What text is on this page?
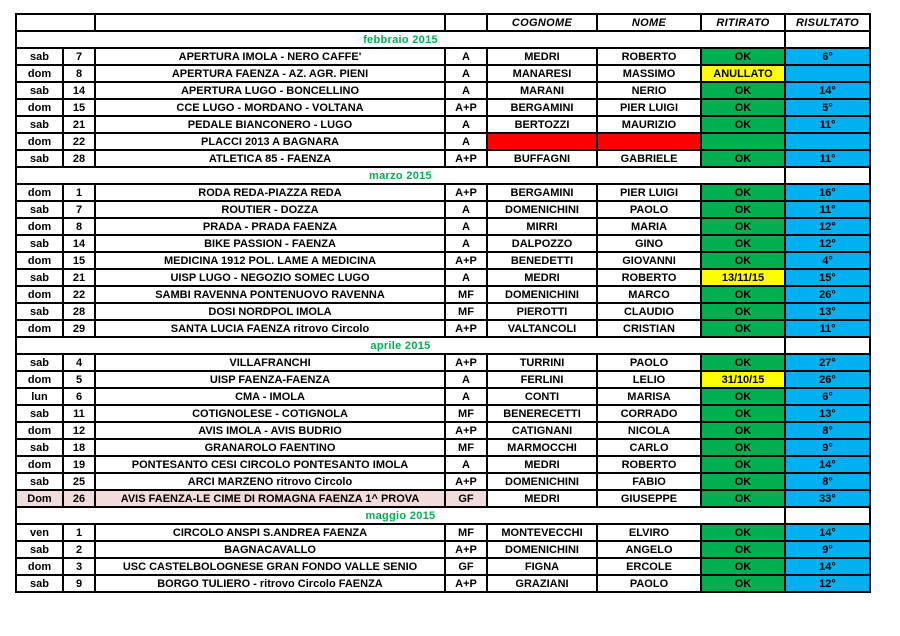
				COGNOME	NOME	RITIRATO	RISULTATO
febbraio 2015							
sab	7	APERTURA IMOLA - NERO CAFFE'	A	MEDRI	ROBERTO	OK	6°
dom	8	APERTURA FAENZA - AZ. AGR. PIENI	A	MANARESI	MASSIMO	ANULLATO	
sab	14	APERTURA LUGO - BONCELLINO	A	MARANI	NERIO	OK	14°
dom	15	CCE LUGO - MORDANO - VOLTANA	A+P	BERGAMINI	PIER LUIGI	OK	5°
sab	21	PEDALE BIANCONERO - LUGO	A	BERTOZZI	MAURIZIO	OK	11°
dom	22	PLACCI 2013 A BAGNARA	A				
sab	28	ATLETICA 85 - FAENZA	A+P	BUFFAGNI	GABRIELE	OK	11°
marzo 2015							
dom	1	RODA REDA-PIAZZA REDA	A+P	BERGAMINI	PIER LUIGI	OK	16°
sab	7	ROUTIER - DOZZA	A	DOMENICHINI	PAOLO	OK	11°
dom	8	PRADA - PRADA FAENZA	A	MIRRI	MARIA	OK	12°
sab	14	BIKE PASSION - FAENZA	A	DALPOZZO	GINO	OK	12°
dom	15	MEDICINA 1912 POL. LAME A MEDICINA	A+P	BENEDETTI	GIOVANNI	OK	4°
sab	21	UISP LUGO - NEGOZIO SOMEC LUGO	A	MEDRI	ROBERTO	13/11/15	15°
dom	22	SAMBI RAVENNA PONTENUOVO RAVENNA	MF	DOMENICHINI	MARCO	OK	26°
sab	28	DOSI NORDPOL IMOLA	MF	PIEROTTI	CLAUDIO	OK	13°
dom	29	SANTA LUCIA FAENZA ritrovo Circolo	A+P	VALTANCOLI	CRISTIAN	OK	11°
aprile 2015							
sab	4	VILLAFRANCHI	A+P	TURRINI	PAOLO	OK	27°
dom	5	UISP FAENZA-FAENZA	A	FERLINI	LELIO	31/10/15	26°
lun	6	CMA - IMOLA	A	CONTI	MARISA	OK	6°
sab	11	COTIGNOLESE - COTIGNOLA	MF	BENERECETTI	CORRADO	OK	13°
dom	12	AVIS IMOLA - AVIS BUDRIO	A+P	CATIGNANI	NICOLA	OK	8°
sab	18	GRANAROLO FAENTINO	MF	MARMOCCHI	CARLO	OK	9°
dom	19	PONTESANTO CESI CIRCOLO PONTESANTO IMOLA	A	MEDRI	ROBERTO	OK	14°
sab	25	ARCI MARZENO ritrovo Circolo	A+P	DOMENICHINI	FABIO	OK	8°
Dom	26	AVIS FAENZA-LE CIME DI ROMAGNA FAENZA 1^ PROVA	GF	MEDRI	GIUSEPPE	OK	33°
maggio 2015							
ven	1	CIRCOLO ANSPI S.ANDREA FAENZA	MF	MONTEVECCHI	ELVIRO	OK	14°
sab	2	BAGNACAVALLO	A+P	DOMENICHINI	ANGELO	OK	9°
dom	3	USC CASTELBOLOGNESE GRAN FONDO VALLE SENIO	GF	FIGNA	ERCOLE	OK	14°
sab	9	BORGO TULIERO - ritrovo Circolo FAENZA	A+P	GRAZIANI	PAOLO	OK	12°
